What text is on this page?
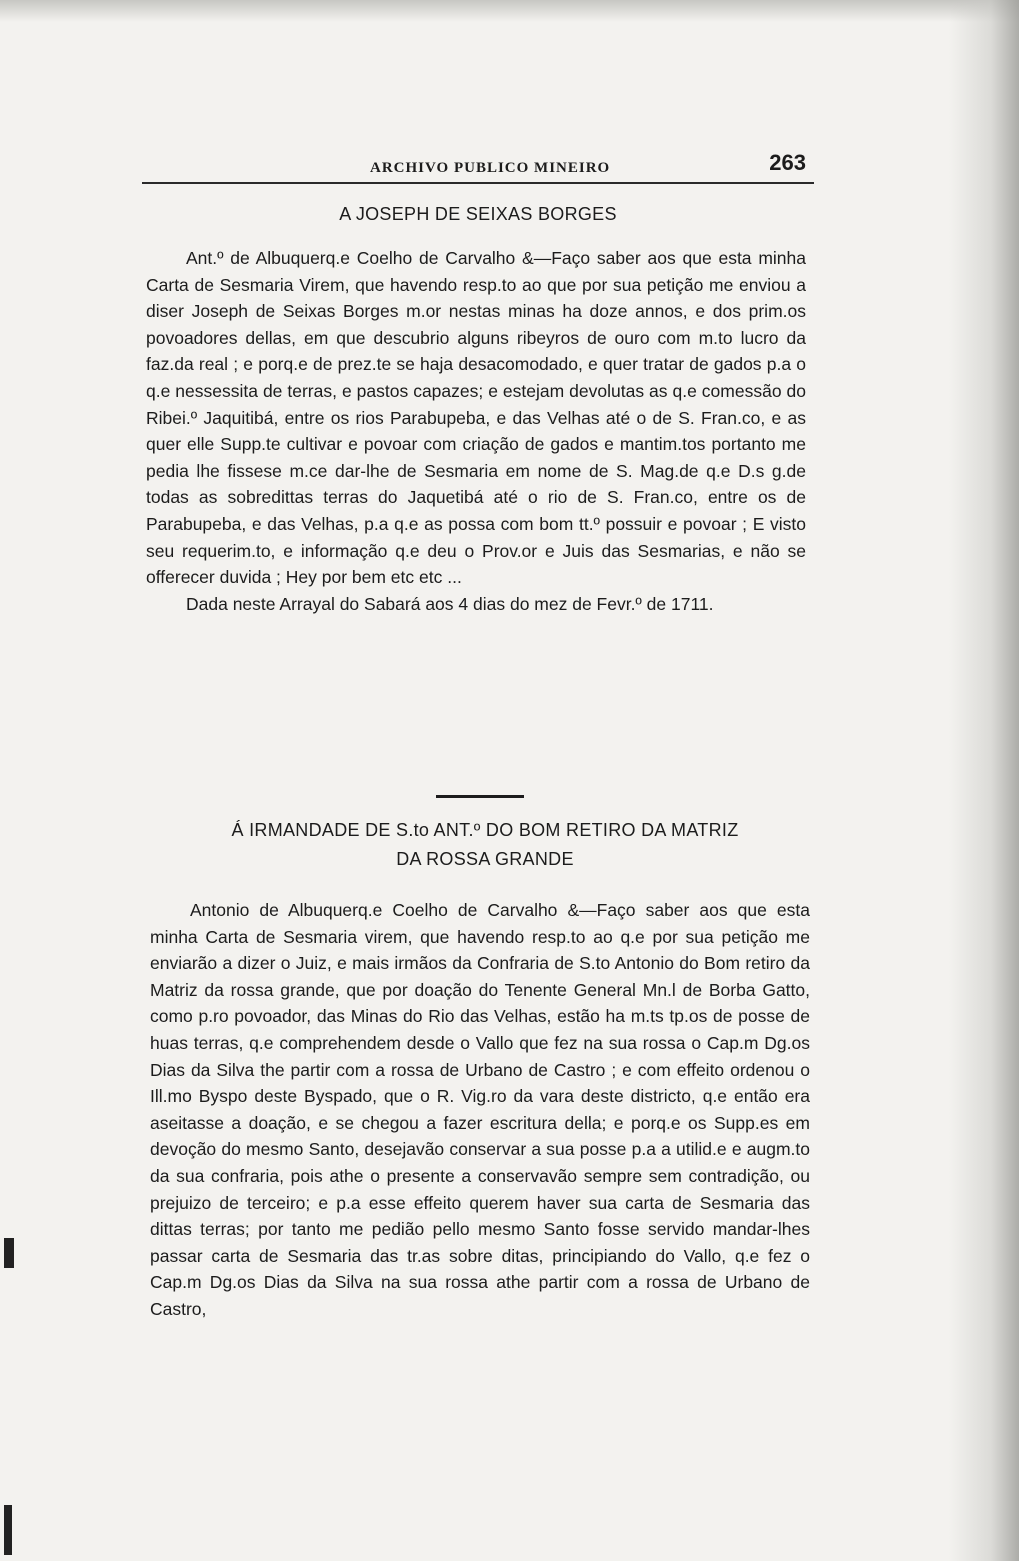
ARCHIVO PUBLICO MINEIRO	263
A JOSEPH DE SEIXAS BORGES

Ant.º de Albuquerq.e Coelho de Carvalho &—Faço saber aos que esta minha Carta de Sesmaria Virem, que havendo resp.to ao que por sua petição me enviou a diser Joseph de Seixas Borges m.or nestas minas ha doze annos, e dos prim.os povoadores dellas, em que descubrio alguns ribeyros de ouro com m.to lucro da faz.da real ; e porq.e de prez.te se haja desacomodado, e quer tratar de gados p.a o q.e nessessita de terras, e pastos capazes; e estejam devolutas as q.e comessão do Ribei.º Jaquitibá, entre os rios Parabupeba, e das Velhas até o de S. Fran.co, e as quer elle Supp.te cultivar e povoar com criação de gados e mantim.tos portanto me pedia lhe fissese m.ce dar-lhe de Sesmaria em nome de S. Mag.de q.e D.s g.de todas as sobredittas terras do Jaquetibá até o rio de S. Fran.co, entre os de Parabupeba, e das Velhas, p.a q.e as possa com bom tt.º possuir e povoar ; E visto seu requerim.to, e informação q.e deu o Prov.or e Juis das Sesmarias, e não se offerecer duvida ; Hey por bem etc etc ...

Dada neste Arrayal do Sabará aos 4 dias do mez de Fevr.º de 1711.

Á IRMANDADE DE S.to ANT.º DO BOM RETIRO DA MATRIZ
DA ROSSA GRANDE

Antonio de Albuquerq.e Coelho de Carvalho &—Faço saber aos que esta minha Carta de Sesmaria virem, que havendo resp.to ao q.e por sua petição me enviarão a dizer o Juiz, e mais irmãos da Confraria de S.to Antonio do Bom retiro da Matriz da rossa grande, que por doação do Tenente General Mn.l de Borba Gatto, como p.ro povoador, das Minas do Rio das Velhas, estão ha m.ts tp.os de posse de huas terras, q.e comprehendem desde o Vallo que fez na sua rossa o Cap.m Dg.os Dias da Silva the partir com a rossa de Urbano de Castro ; e com effeito ordenou o Ill.mo Byspo deste Byspado, que o R. Vig.ro da vara deste districto, q.e então era aseitasse a doação, e se chegou a fazer escritura della; e porq.e os Supp.es em devoção do mesmo Santo, desejavão conservar a sua posse p.a a utilid.e e augm.to da sua confraria, pois athe o presente a conservavão sempre sem contradição, ou prejuizo de terceiro; e p.a esse effeito querem haver sua carta de Sesmaria das dittas terras; por tanto me pedião pello mesmo Santo fosse servido mandar-lhes passar carta de Sesmaria das tr.as sobre ditas, principiando do Vallo, q.e fez o Cap.m Dg.os Dias da Silva na sua rossa athe partir com a rossa de Urbano de Castro,
